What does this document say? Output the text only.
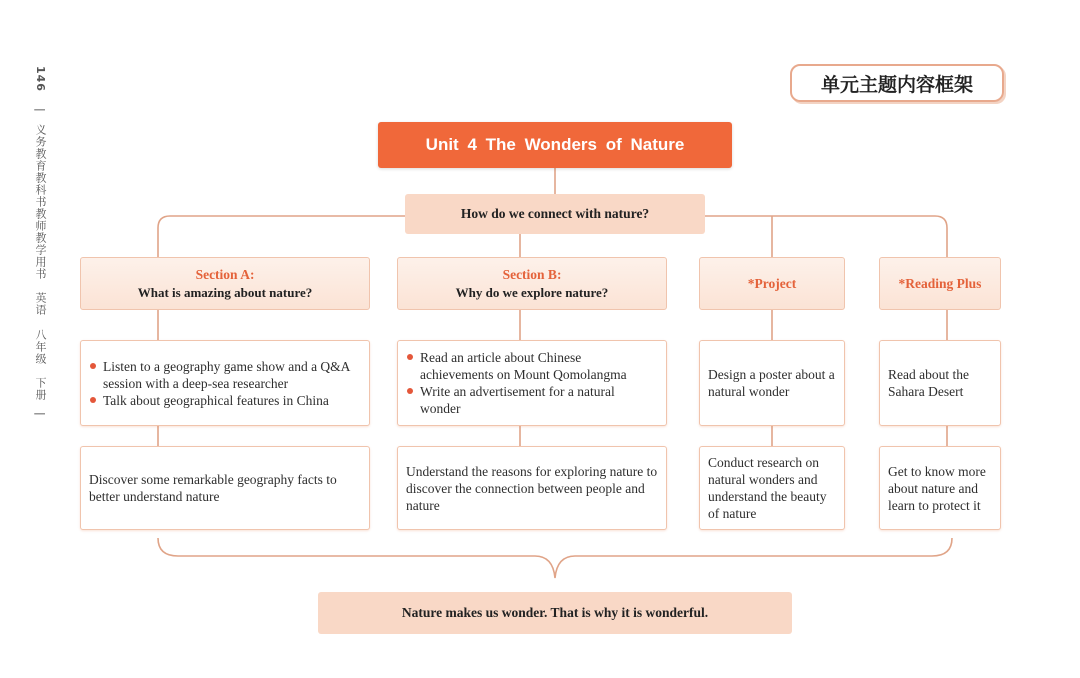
146 | 义务教育教科书教师教学用书 英语 八年级 下册 |
单元主题内容框架
Unit 4 The Wonders of Nature
How do we connect with nature?
Section A:
What is amazing about nature?
Section B:
Why do we explore nature?
*Project	*Reading Plus
Listen to a geography game show and a Q&A session with a deep-sea researcher
Talk about geographical features in China
Read an article about Chinese achievements on Mount Qomolangma
Write an advertisement for a natural wonder
Design a poster about a natural wonder
Read about the Sahara Desert
Discover some remarkable geography facts to better understand nature
Understand the reasons for exploring nature to discover the connection between people and nature
Conduct research on natural wonders and understand the beauty of nature
Get to know more about nature and learn to protect it
Nature makes us wonder. That is why it is wonderful.
